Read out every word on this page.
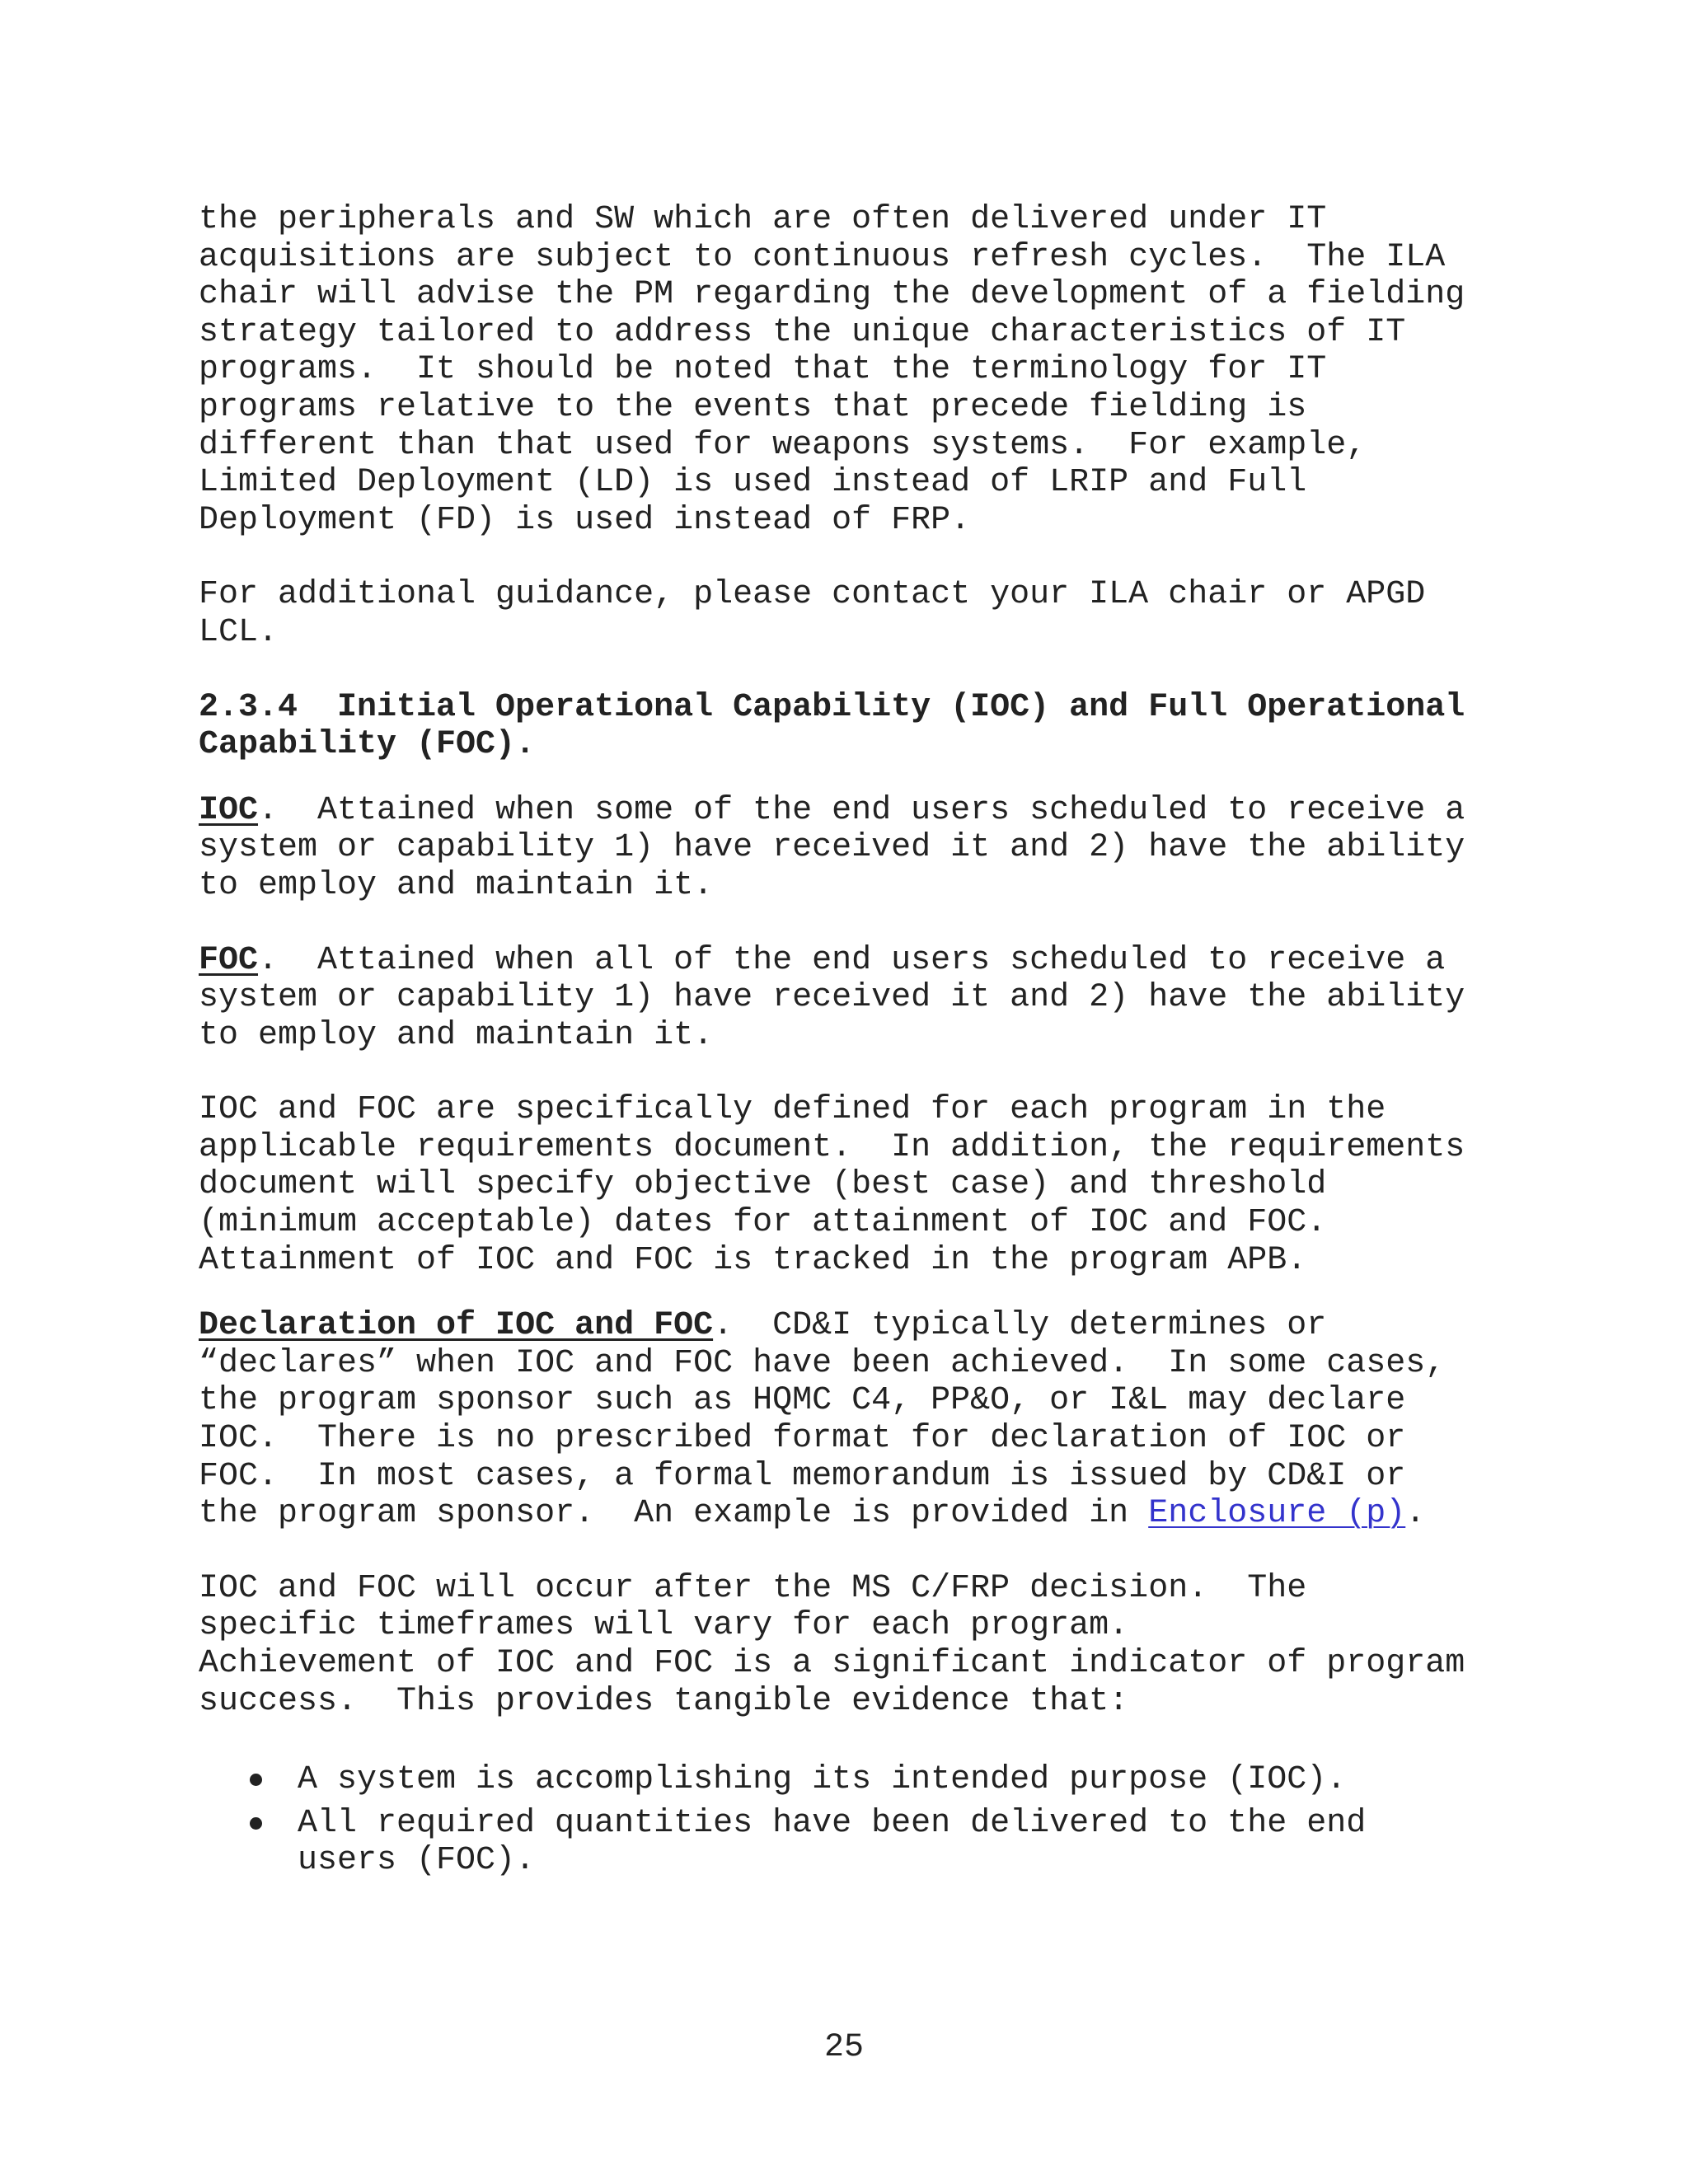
the peripherals and SW which are often delivered under IT
acquisitions are subject to continuous refresh cycles.  The ILA
chair will advise the PM regarding the development of a fielding
strategy tailored to address the unique characteristics of IT
programs.  It should be noted that the terminology for IT
programs relative to the events that precede fielding is
different than that used for weapons systems.  For example,
Limited Deployment (LD) is used instead of LRIP and Full
Deployment (FD) is used instead of FRP.
For additional guidance, please contact your ILA chair or APGD
LCL.
2.3.4  Initial Operational Capability (IOC) and Full Operational
Capability (FOC).
IOC.  Attained when some of the end users scheduled to receive a
system or capability 1) have received it and 2) have the ability
to employ and maintain it.
FOC.  Attained when all of the end users scheduled to receive a
system or capability 1) have received it and 2) have the ability
to employ and maintain it.
IOC and FOC are specifically defined for each program in the
applicable requirements document.  In addition, the requirements
document will specify objective (best case) and threshold
(minimum acceptable) dates for attainment of IOC and FOC.
Attainment of IOC and FOC is tracked in the program APB.
Declaration of IOC and FOC.  CD&I typically determines or
“declares” when IOC and FOC have been achieved.  In some cases,
the program sponsor such as HQMC C4, PP&O, or I&L may declare
IOC.  There is no prescribed format for declaration of IOC or
FOC.  In most cases, a formal memorandum is issued by CD&I or
the program sponsor.  An example is provided in Enclosure (p).
IOC and FOC will occur after the MS C/FRP decision.  The
specific timeframes will vary for each program.
Achievement of IOC and FOC is a significant indicator of program
success.  This provides tangible evidence that:
A system is accomplishing its intended purpose (IOC).
All required quantities have been delivered to the end
users (FOC).
25
